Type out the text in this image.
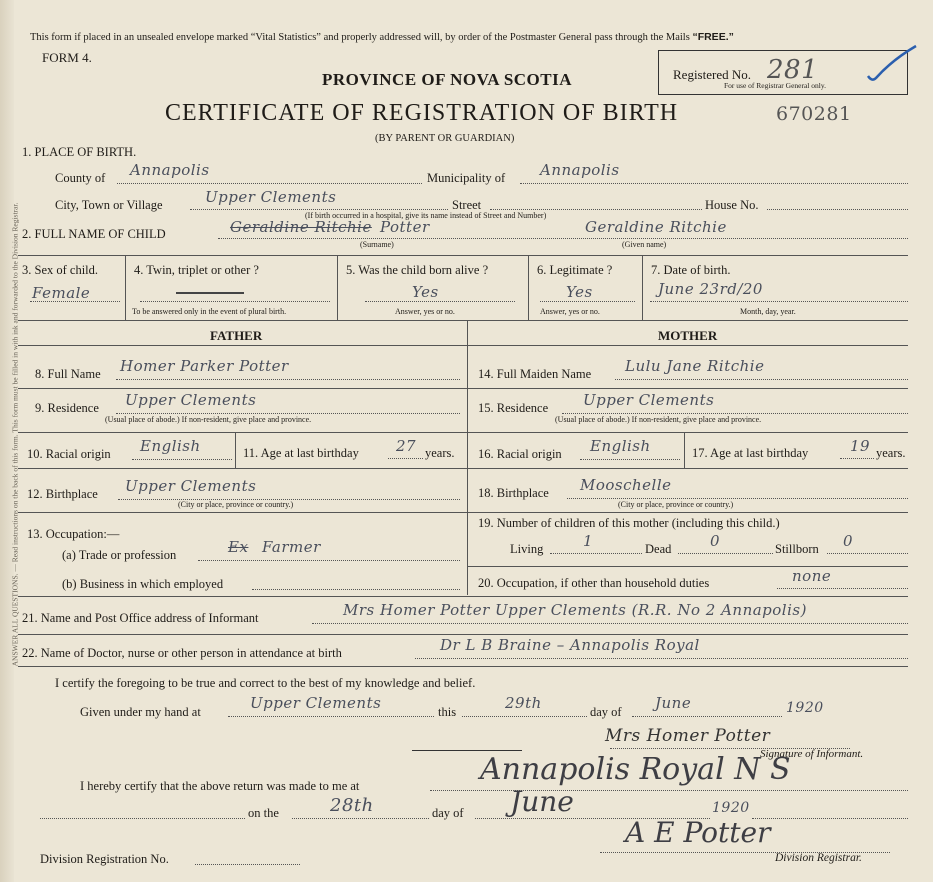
ANSWER ALL QUESTIONS. — Read instructions on the back of this form. This form must be filled in with ink and forwarded to the Division Registrar.
This form if placed in an unsealed envelope marked “Vital Statistics” and properly addressed will, by order of the Postmaster General pass through the Mails “FREE.”
FORM 4.
PROVINCE OF NOVA SCOTIA	Registered No. 281
For use of Registrar General only.
CERTIFICATE OF REGISTRATION OF BIRTH	670281
(BY PARENT OR GUARDIAN)
1. PLACE OF BIRTH.
County of Annapolis	Municipality of Annapolis
City, Town or Village	Upper Clements	Street	House No.
(If birth occurred in a hospital, give its name instead of Street and Number)
2. FULL NAME OF CHILD	Geraldine Ritchie Potter	Geraldine Ritchie
(Surname)	(Given name)
3. Sex of child.
Female
4. Twin, triplet or other ?
To be answered only in the event of plural birth.
5. Was the child born alive ?
Yes
Answer, yes or no.
6. Legitimate ?
Yes
Answer, yes or no.
7. Date of birth.
June 23rd/20
Month, day, year.
FATHER	MOTHER
8. Full Name Homer Parker Potter
9. Residence Upper Clements
(Usual place of abode.) If non-resident, give place and province.
10. Racial origin English	11. Age at last birthday 27 years.
12. Birthplace Upper Clements
(City or place, province or country.)
13. Occupation:—
(a) Trade or profession	Ex Farmer
(b) Business in which employed
14. Full Maiden Name Lulu Jane Ritchie
15. Residence Upper Clements
(Usual place of abode.) If non-resident, give place and province.
16. Racial origin English	17. Age at last birthday	19 years.
18. Birthplace Mooschelle
(City or place, province or country.)
19. Number of children of this mother (including this child.)
Living	1	Dead	0	Stillborn 0
20. Occupation, if other than household duties	none
21. Name and Post Office address of Informant	Mrs Homer Potter Upper Clements (R.R. No 2 Annapolis)
22. Name of Doctor, nurse or other person in attendance at birth	Dr L B Braine – Annapolis Royal
I certify the foregoing to be true and correct to the best of my knowledge and belief.
Given under my hand at	Upper Clements	this	29th	day of June	1920
Mrs Homer Potter
Signature of Informant.
I hereby certify that the above return was made to me at	Annapolis Royal N S
on the	28th	day of June	1920
Division Registration No.
A E Potter
Division Registrar.
